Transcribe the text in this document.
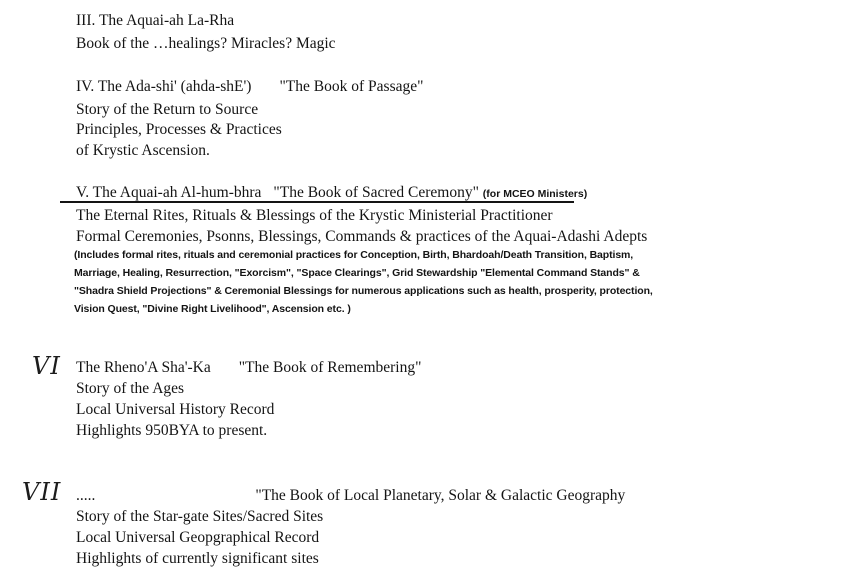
III. The Aquai-ah La-Rha
Book of the …healings? Miracles? Magic
IV. The Ada-shi' (ahda-shE') "The Book of Passage"
Story of the Return to Source
Principles, Processes & Practices
of Krystic Ascension.
V. The Aquai-ah Al-hum-bhra "The Book of Sacred Ceremony" (for MCEO Ministers)
The Eternal Rites, Rituals & Blessings of the Krystic Ministerial Practitioner
Formal Ceremonies, Psonns, Blessings, Commands & practices of the Aquai-Adashi Adepts
(Includes formal rites, rituals and ceremonial practices for Conception, Birth, Bhardoah/Death Transition, Baptism,
Marriage, Healing, Resurrection, "Exorcism", "Space Clearings", Grid Stewardship "Elemental Command Stands" &
"Shadra Shield Projections" & Ceremonial Blessings for numerous applications such as health, prosperity, protection,
Vision Quest, "Divine Right Livelihood", Ascension etc. )
VI The Rheno'A Sha'-Ka "The Book of Remembering"
Story of the Ages
Local Universal History Record
Highlights 950BYA to present.
VII .....	"The Book of Local Planetary, Solar & Galactic Geography
Story of the Star-gate Sites/Sacred Sites
Local Universal Geopgraphical Record
Highlights of currently significant sites
